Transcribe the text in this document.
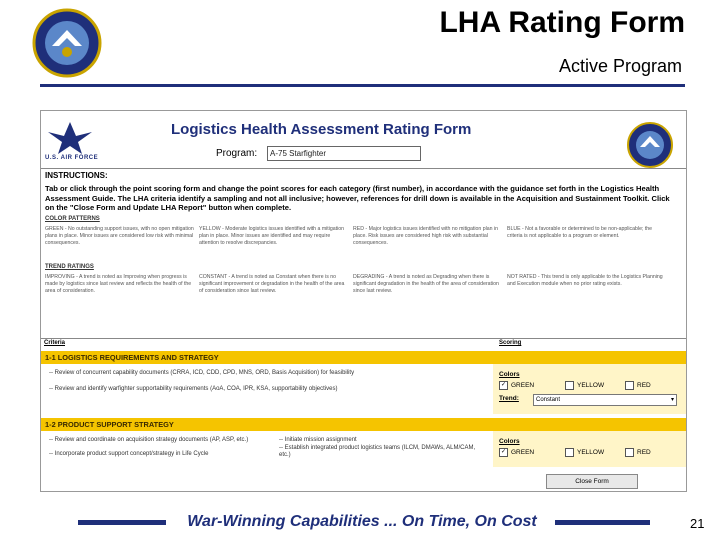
LHA Rating Form
Active Program
U.S. AIR FORCE
Logistics Health Assessment Rating Form
Program:	A-75 Starfighter
INSTRUCTIONS:
Tab or click through the point scoring form and change the point scores for each category (first number), in accordance with the guidance set forth in the Logistics Health Assessment Guide. The LHA criteria identify a sampling and not all inclusive; however, references for drill down is available in the Acquisition and Sustainment Toolkit. Click on the "Close Form and Update LHA Report" button when complete.
COLOR PATTERNS
GREEN - No outstanding support issues, with no open mitigation plans in place. Minor issues are considered low risk with minimal consequences.
YELLOW - Moderate logistics issues identified with a mitigation plan in place. Minor issues are identified and may require attention to resolve discrepancies.
RED - Major logistics issues identified with no mitigation plan in place. Risk issues are considered high risk with substantial consequences.
BLUE - Not a favorable or determined to be non-applicable; the criteria is not applicable to a program or element.
TREND RATINGS
IMPROVING - A trend is noted as Improving when progress is made by logistics since last review and reflects the health of the area of consideration.
CONSTANT - A trend is noted as Constant when there is no significant improvement or degradation in the health of the area of consideration since last review.
DEGRADING - A trend is noted as Degrading when there is significant degradation in the health of the area of consideration since last review.
NOT RATED - This trend is only applicable to the Logistics Planning and Execution module when no prior rating exists.
Criteria	Scoring
1-1 LOGISTICS REQUIREMENTS AND STRATEGY
-- Review of concurrent capability documents (CRRA, ICD, CDD, CPD, MNS, ORD, Basis Acquisition) for feasibility
-- Review and identify warfighter supportability requirements (AoA, COA, IPR, KSA, supportability objectives)
Colors
✓ GREEN	YELLOW	RED
Trend:	Constant	▾
1-2 PRODUCT SUPPORT STRATEGY
-- Review and coordinate on acquisition strategy documents (AP, ASP, etc.)
-- Incorporate product support concept/strategy in Life Cycle
-- Initiate mission assignment
-- Establish integrated product logistics teams (ILCM, DMAWs, ALM/CAM, etc.)
Colors
✓ GREEN	YELLOW	RED
Close Form
War-Winning Capabilities ... On Time, On Cost	21
